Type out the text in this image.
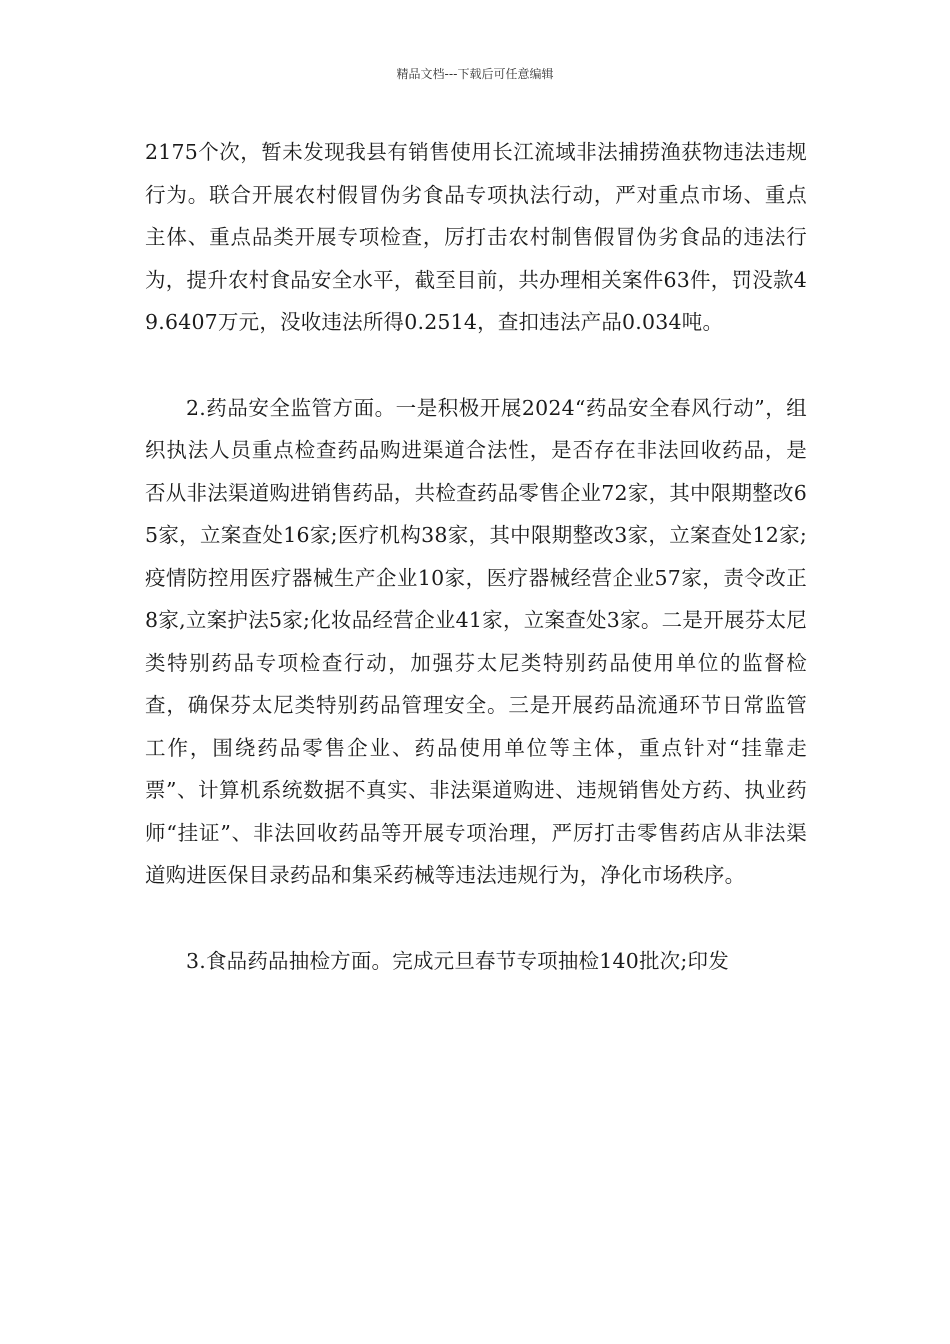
精品文档---下载后可任意编辑

2175个次，暂未发现我县有销售使用长江流域非法捕捞渔获物违法违规行为。联合开展农村假冒伪劣食品专项执法行动，严对重点市场、重点主体、重点品类开展专项检查，厉打击农村制售假冒伪劣食品的违法行为，提升农村食品安全水平，截至目前，共办理相关案件63件，罚没款49.6407万元，没收违法所得0.2514，查扣违法产品0.034吨。

2.药品安全监管方面。一是积极开展2024“药品安全春风行动”，组织执法人员重点检查药品购进渠道合法性，是否存在非法回收药品，是否从非法渠道购进销售药品，共检查药品零售企业72家，其中限期整改65家，立案查处16家;医疗机构38家，其中限期整改3家，立案查处12家;疫情防控用医疗器械生产企业10家，医疗器械经营企业57家，责令改正8家,立案护法5家;化妆品经营企业41家，立案查处3家。二是开展芬太尼类特别药品专项检查行动，加强芬太尼类特别药品使用单位的监督检查，确保芬太尼类特别药品管理安全。三是开展药品流通环节日常监管工作，围绕药品零售企业、药品使用单位等主体，重点针对“挂靠走票”、计算机系统数据不真实、非法渠道购进、违规销售处方药、执业药师“挂证”、非法回收药品等开展专项治理，严厉打击零售药店从非法渠道购进医保目录药品和集采药械等违法违规行为，净化市场秩序。

3.食品药品抽检方面。完成元旦春节专项抽检140批次;印发
